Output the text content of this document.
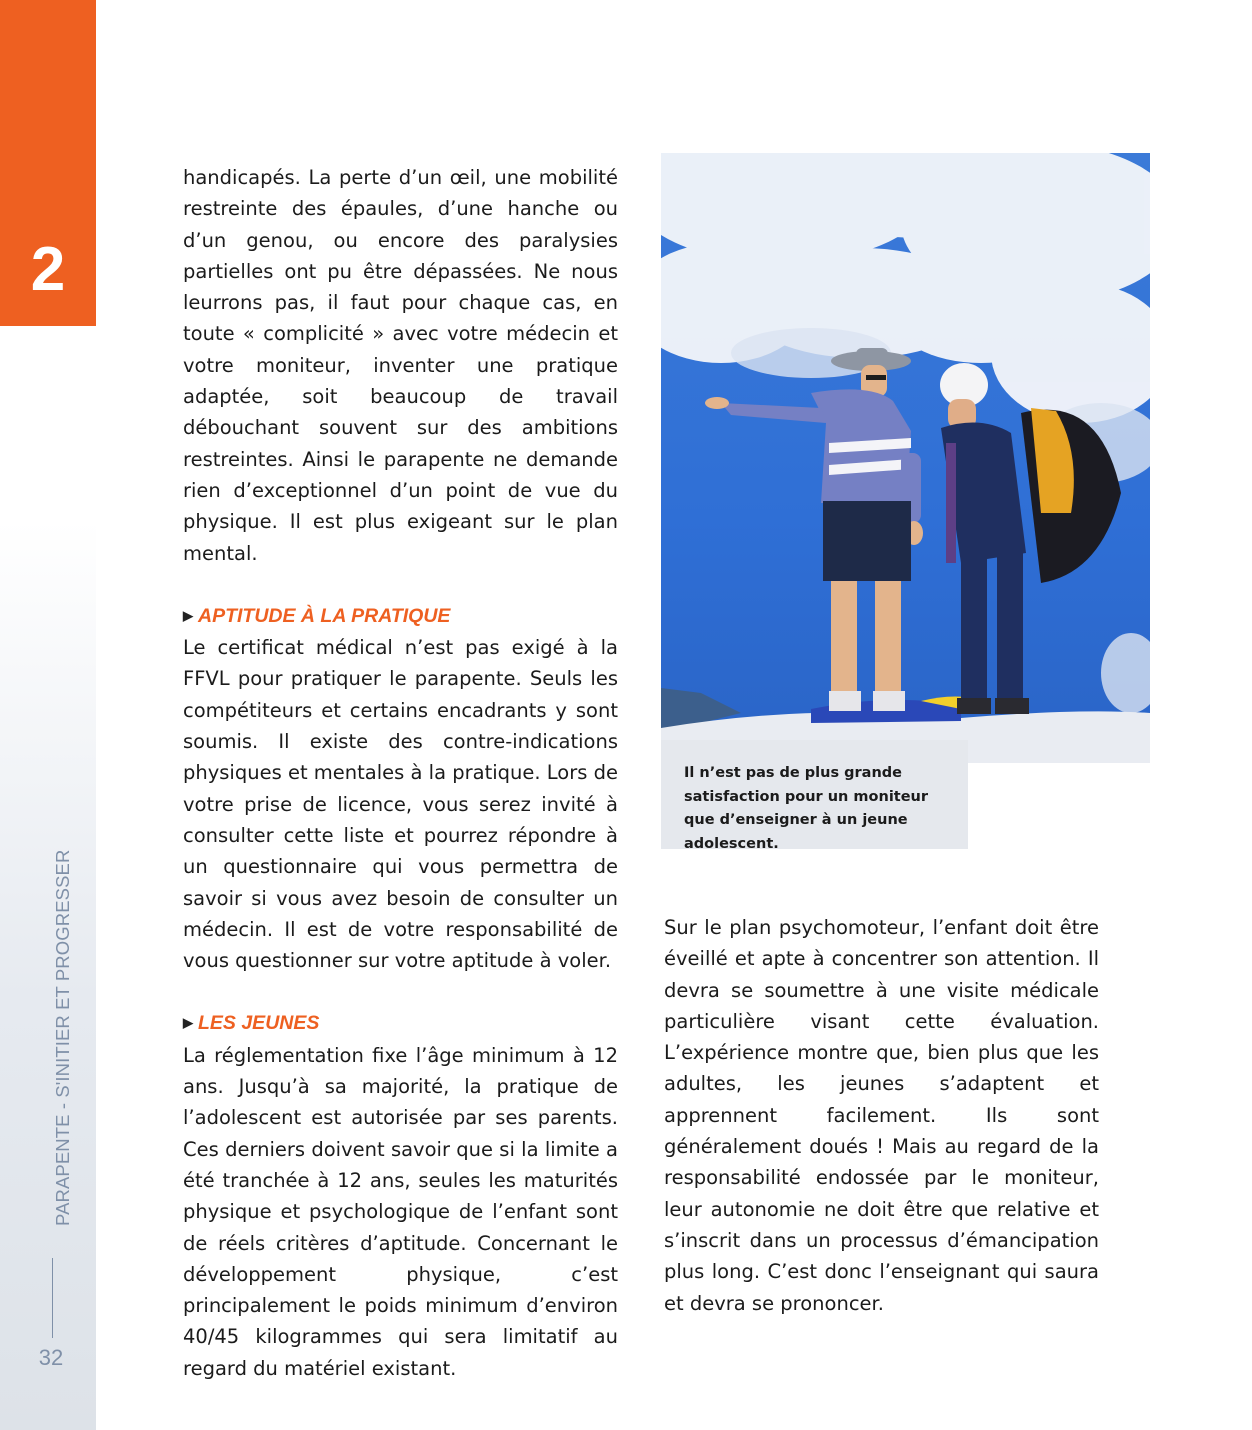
2
PARAPENTE - S'INITIER ET PROGRESSER
32

handicapés. La perte d’un œil, une mobilité restreinte des épaules, d’une hanche ou d’un genou, ou encore des paralysies partielles ont pu être dépassées. Ne nous leurrons pas, il faut pour chaque cas, en toute « complicité » avec votre médecin et votre moniteur, inventer une pratique adaptée, soit beaucoup de travail débouchant souvent sur des ambitions restreintes. Ainsi le parapente ne demande rien d’exceptionnel d’un point de vue du physique. Il est plus exigeant sur le plan mental.

▶ APTITUDE À LA PRATIQUE

Le certificat médical n’est pas exigé à la FFVL pour pratiquer le parapente. Seuls les compétiteurs et certains encadrants y sont soumis. Il existe des contre-indications physiques et mentales à la pratique. Lors de votre prise de licence, vous serez invité à consulter cette liste et pourrez répondre à un questionnaire qui vous permettra de savoir si vous avez besoin de consulter un médecin. Il est de votre responsabilité de vous questionner sur votre aptitude à voler.

▶ LES JEUNES

La réglementation fixe l’âge minimum à 12 ans. Jusqu’à sa majorité, la pratique de l’adolescent est autorisée par ses parents. Ces derniers doivent savoir que si la limite a été tranchée à 12 ans, seules les maturités physique et psychologique de l’enfant sont de réels critères d’aptitude. Concernant le développement physique, c’est principalement le poids minimum d’environ 40/45 kilogrammes qui sera limitatif au regard du matériel existant.

Il n’est pas de plus grande satisfaction pour un moniteur que d’enseigner à un jeune adolescent.

Sur le plan psychomoteur, l’enfant doit être éveillé et apte à concentrer son attention. Il devra se soumettre à une visite médicale particulière visant cette évaluation. L’expérience montre que, bien plus que les adultes, les jeunes s’adaptent et apprennent facilement. Ils sont généralement doués ! Mais au regard de la responsabilité endossée par le moniteur, leur autonomie ne doit être que relative et s’inscrit dans un processus d’émancipation plus long. C’est donc l’enseignant qui saura et devra se prononcer.
